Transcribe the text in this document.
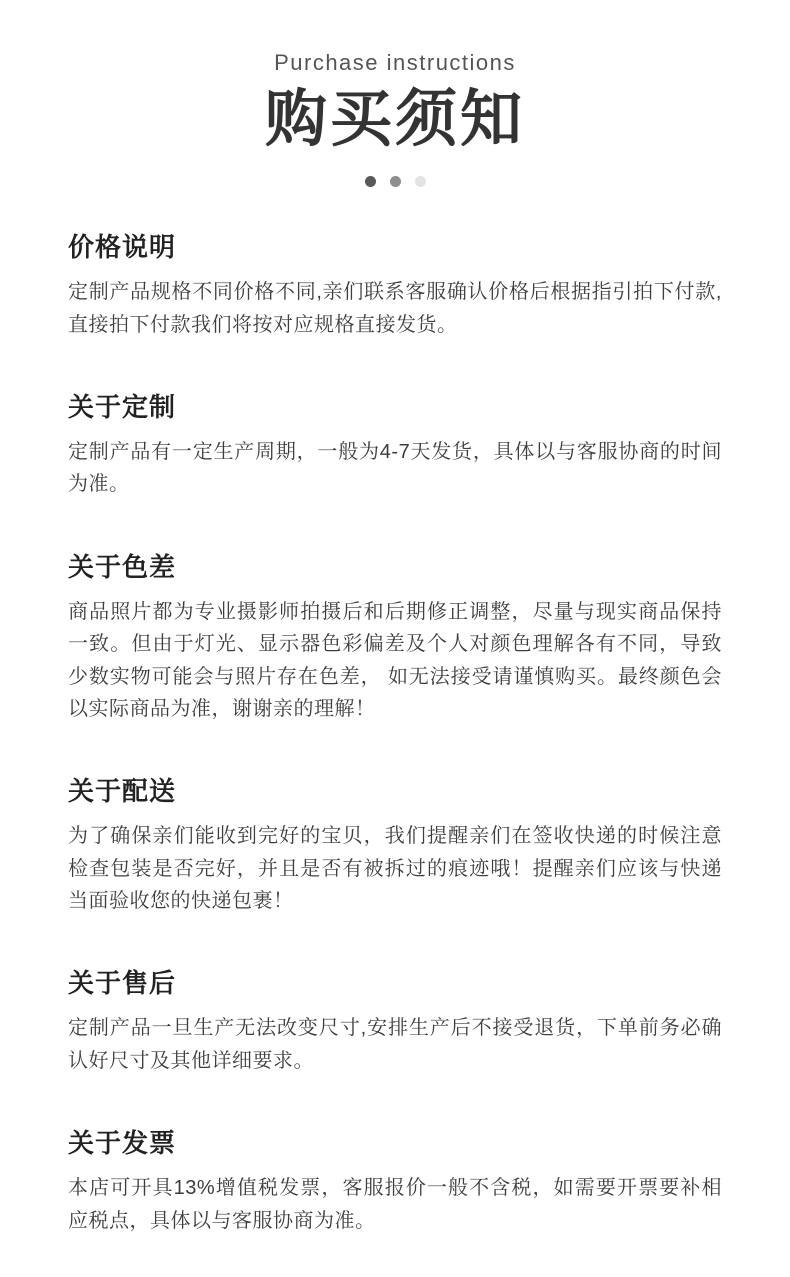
Purchase instructions
购买须知
价格说明

定制产品规格不同价格不同,亲们联系客服确认价格后根据指引拍下付款,直接拍下付款我们将按对应规格直接发货。

关于定制

定制产品有一定生产周期，一般为4-7天发货，具体以与客服协商的时间为准。

关于色差

商品照片都为专业摄影师拍摄后和后期修正调整，尽量与现实商品保持一致。但由于灯光、显示器色彩偏差及个人对颜色理解各有不同，导致少数实物可能会与照片存在色差， 如无法接受请谨慎购买。最终颜色会以实际商品为准，谢谢亲的理解！

关于配送

为了确保亲们能收到完好的宝贝，我们提醒亲们在签收快递的时候注意检查包装是否完好，并且是否有被拆过的痕迹哦！提醒亲们应该与快递当面验收您的快递包裹！

关于售后

定制产品一旦生产无法改变尺寸,安排生产后不接受退货，下单前务必确认好尺寸及其他详细要求。

关于发票

本店可开具13%增值税发票，客服报价一般不含税，如需要开票要补相应税点，具体以与客服协商为准。
